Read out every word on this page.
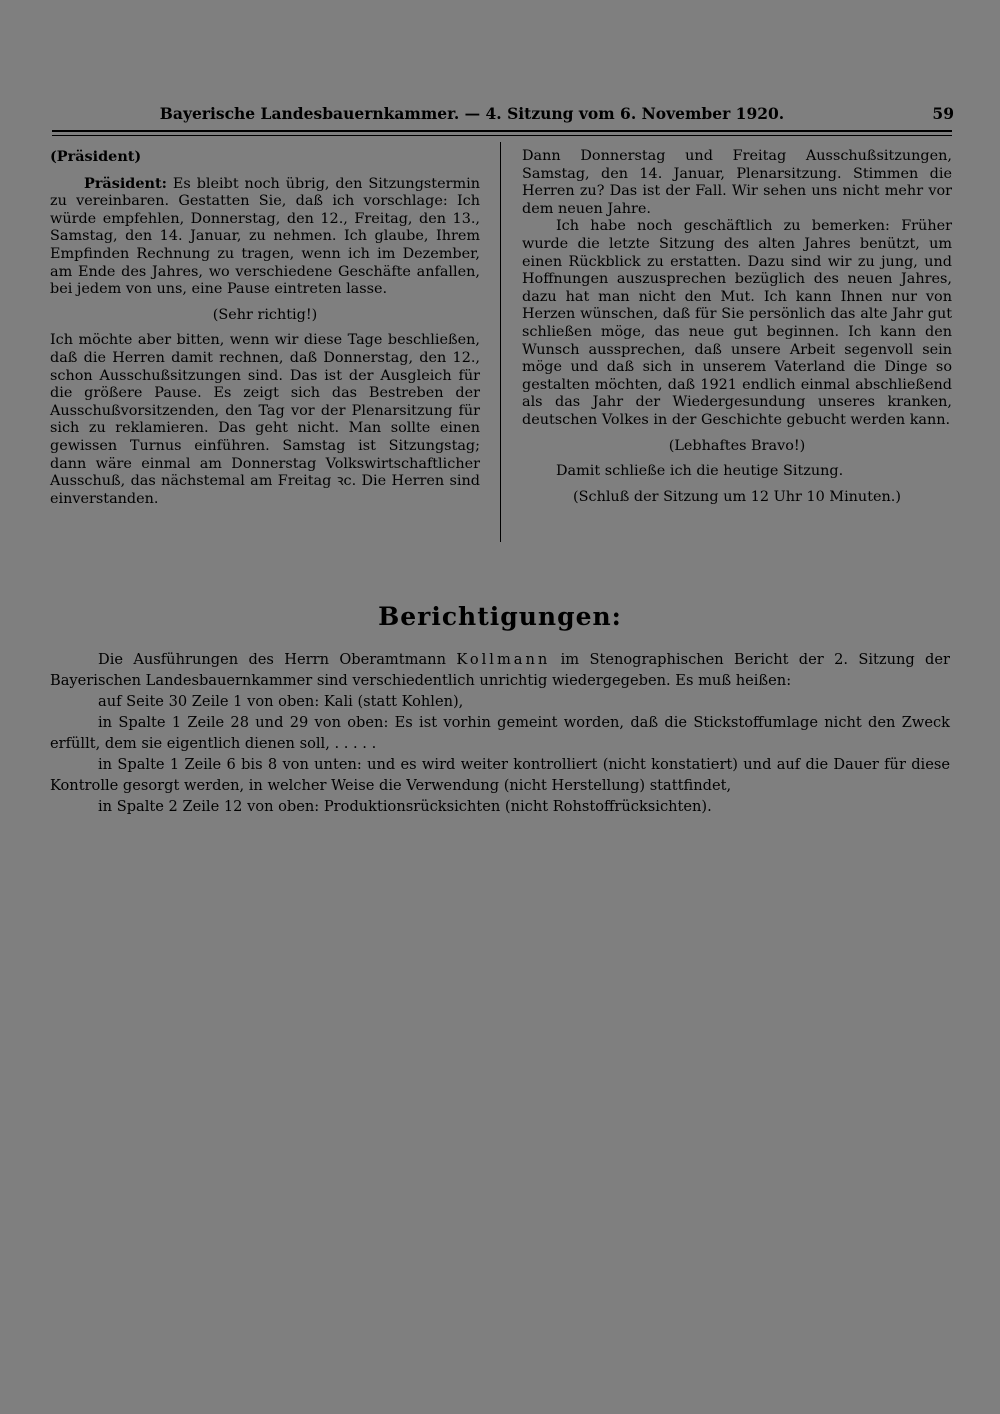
Bayerische Landesbauernkammer. — 4. Sitzung vom 6. November 1920.	59

(Präsident)

Präsident: Es bleibt noch übrig, den Sitzungstermin zu vereinbaren. Gestatten Sie, daß ich vorschlage: Ich würde empfehlen, Donnerstag, den 12., Freitag, den 13., Samstag, den 14. Januar, zu nehmen. Ich glaube, Ihrem Empfinden Rechnung zu tragen, wenn ich im Dezember, am Ende des Jahres, wo verschiedene Geschäfte anfallen, bei jedem von uns, eine Pause eintreten lasse.

(Sehr richtig!)

Ich möchte aber bitten, wenn wir diese Tage beschließen, daß die Herren damit rechnen, daß Donnerstag, den 12., schon Ausschußsitzungen sind. Das ist der Ausgleich für die größere Pause. Es zeigt sich das Bestreben der Ausschußvorsitzenden, den Tag vor der Plenarsitzung für sich zu reklamieren. Das geht nicht. Man sollte einen gewissen Turnus einführen. Samstag ist Sitzungstag; dann wäre einmal am Donnerstag Volkswirtschaftlicher Ausschuß, das nächstemal am Freitag ꝛc. Die Herren sind einverstanden.

Dann Donnerstag und Freitag Ausschußsitzungen, Samstag, den 14. Januar, Plenarsitzung. Stimmen die Herren zu? Das ist der Fall. Wir sehen uns nicht mehr vor dem neuen Jahre.

Ich habe noch geschäftlich zu bemerken: Früher wurde die letzte Sitzung des alten Jahres benützt, um einen Rückblick zu erstatten. Dazu sind wir zu jung, und Hoffnungen auszusprechen bezüglich des neuen Jahres, dazu hat man nicht den Mut. Ich kann Ihnen nur von Herzen wünschen, daß für Sie persönlich das alte Jahr gut schließen möge, das neue gut beginnen. Ich kann den Wunsch aussprechen, daß unsere Arbeit segenvoll sein möge und daß sich in unserem Vaterland die Dinge so gestalten möchten, daß 1921 endlich einmal abschließend als das Jahr der Wiedergesundung unseres kranken, deutschen Volkes in der Geschichte gebucht werden kann.

(Lebhaftes Bravo!)

Damit schließe ich die heutige Sitzung.

(Schluß der Sitzung um 12 Uhr 10 Minuten.)

Berichtigungen:

Die Ausführungen des Herrn Oberamtmann Kollmann im Stenographischen Bericht der 2. Sitzung der Bayerischen Landesbauernkammer sind verschiedentlich unrichtig wiedergegeben. Es muß heißen:

auf Seite 30 Zeile 1 von oben: Kali (statt Kohlen),

in Spalte 1 Zeile 28 und 29 von oben: Es ist vorhin gemeint worden, daß die Stickstoffumlage nicht den Zweck erfüllt, dem sie eigentlich dienen soll, . . . . .

in Spalte 1 Zeile 6 bis 8 von unten: und es wird weiter kontrolliert (nicht konstatiert) und auf die Dauer für diese Kontrolle gesorgt werden, in welcher Weise die Verwendung (nicht Herstellung) stattfindet,

in Spalte 2 Zeile 12 von oben: Produktionsrücksichten (nicht Rohstoffrücksichten).
